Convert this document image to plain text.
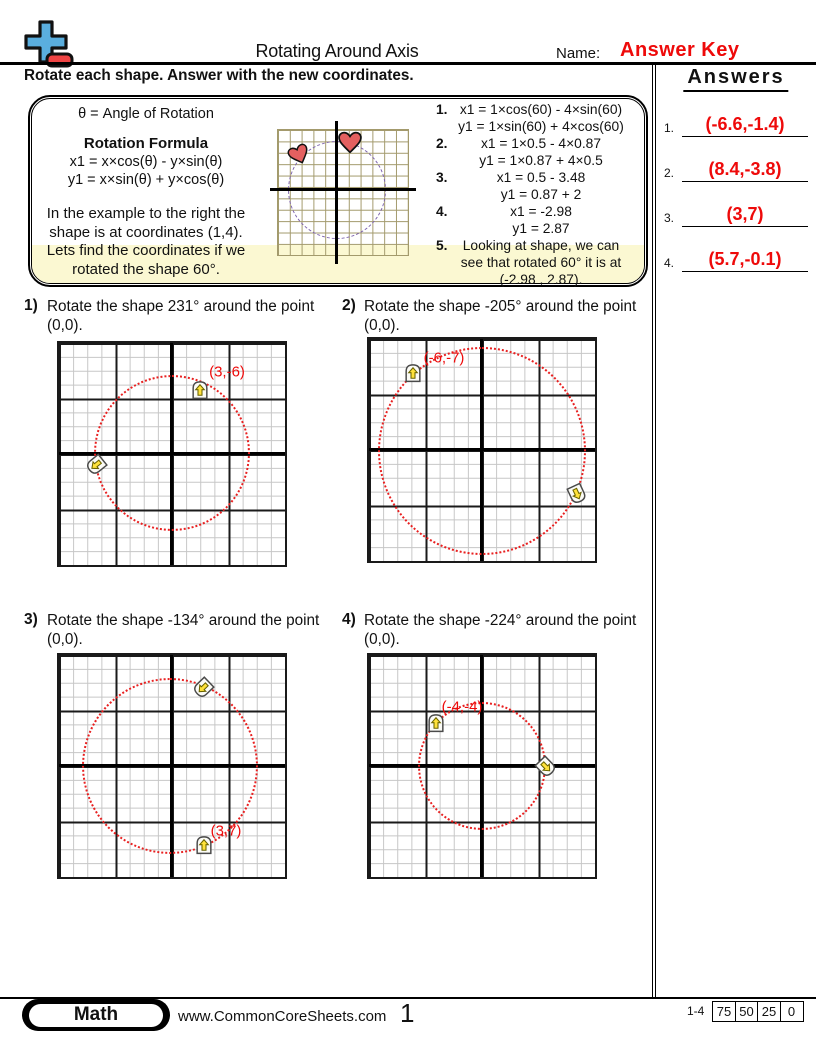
Rotating Around Axis	Name: Answer Key
Rotate each shape. Answer with the new coordinates.	Answers
1.	(-6.6,-1.4)
2.	(8.4,-3.8)
3.	(3,7)
4.	(5.7,-0.1)
θ = Angle of Rotation
Rotation Formula
x1 = x×cos(θ) - y×sin(θ)
y1 = x×sin(θ) + y×cos(θ)
In the example to the right the
shape is at coordinates (1,4).
Lets find the coordinates if we
rotated the shape 60°.
1. x1 = 1×cos(60) - 4×sin(60)
y1 = 1×sin(60) + 4×cos(60)
2.	x1 = 1×0.5 - 4×0.87
y1 = 1×0.87 + 4×0.5
3.	x1 = 0.5 - 3.48
y1 = 0.87 + 2
4.	x1 = -2.98
y1 = 2.87
5.	Looking at shape, we can
see that rotated 60° it is at
(-2.98 , 2.87).
1) Rotate the shape 231° around the point (0,0).
(3,-6)
2) Rotate the shape -205° around the point (0,0).
(-6,-7)
3) Rotate the shape -134° around the point (0,0).
(3,7)
4) Rotate the shape -224° around the point (0,0).
(-4,-4)
Math	www.CommonCoreSheets.com 1	1-4 75 50 25 0
